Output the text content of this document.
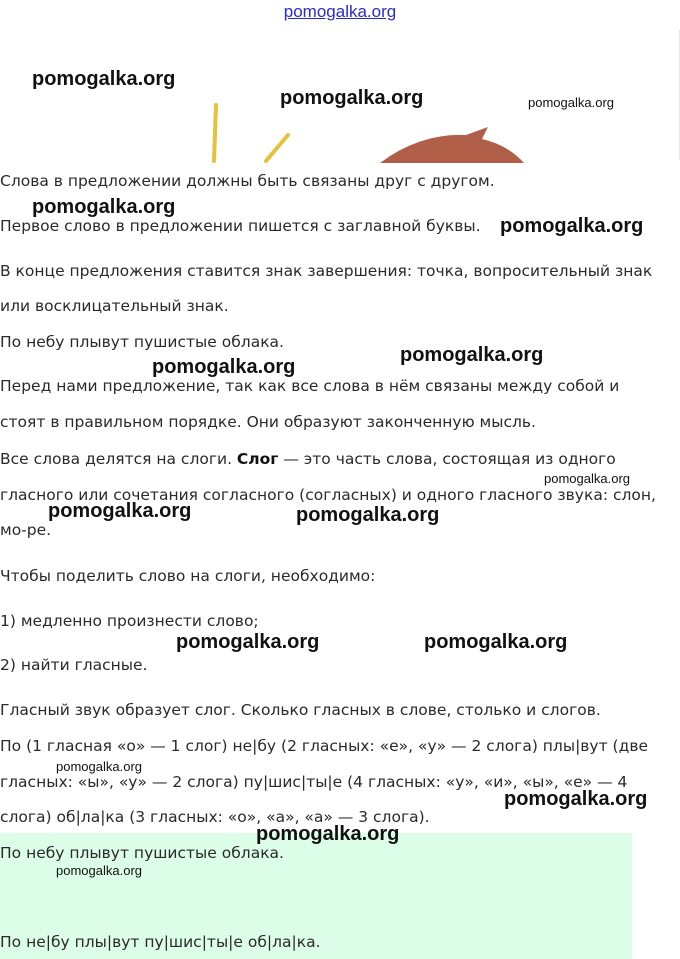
pomogalka.org
pomogalka.org
pomogalka.org	pomogalka.org
Слова в предложении должны быть связаны друг с другом.
pomogalka.org
Первое слово в предложении пишется с заглавной буквы. pomogalka.org
В конце предложения ставится знак завершения: точка, вопросительный знак
или восклицательный знак.
По небу плывут пушистые облака.
pomogalka.org
pomogalka.org
Перед нами предложение, так как все слова в нём связаны между собой и
стоят в правильном порядке. Они образуют законченную мысль.
Все слова делятся на слоги. Слог — это часть слова, состоящая из одного
pomogalka.org
гласного или сочетания согласного (согласных) и одного гласного звука: слон,
pomogalka.org	pomogalka.org
мо-ре.
Чтобы поделить слово на слоги, необходимо:
1) медленно произнести слово;
pomogalka.org	pomogalka.org
2) найти гласные.
Гласный звук образует слог. Сколько гласных в слове, столько и слогов.
По (1 гласная «о» — 1 слог) не|бу (2 гласных: «е», «у» — 2 слога) плы|вут (две
pomogalka.org
гласных: «ы», «у» — 2 слога) пу|шис|ты|е (4 гласных: «у», «и», «ы», «е» — 4
pomogalka.org
слога) об|ла|ка (3 гласных: «о», «а», «а» — 3 слога).
pomogalka.org
По небу плывут пушистые облака.
pomogalka.org
По не|бу плы|вут пу|шис|ты|е об|ла|ка.
